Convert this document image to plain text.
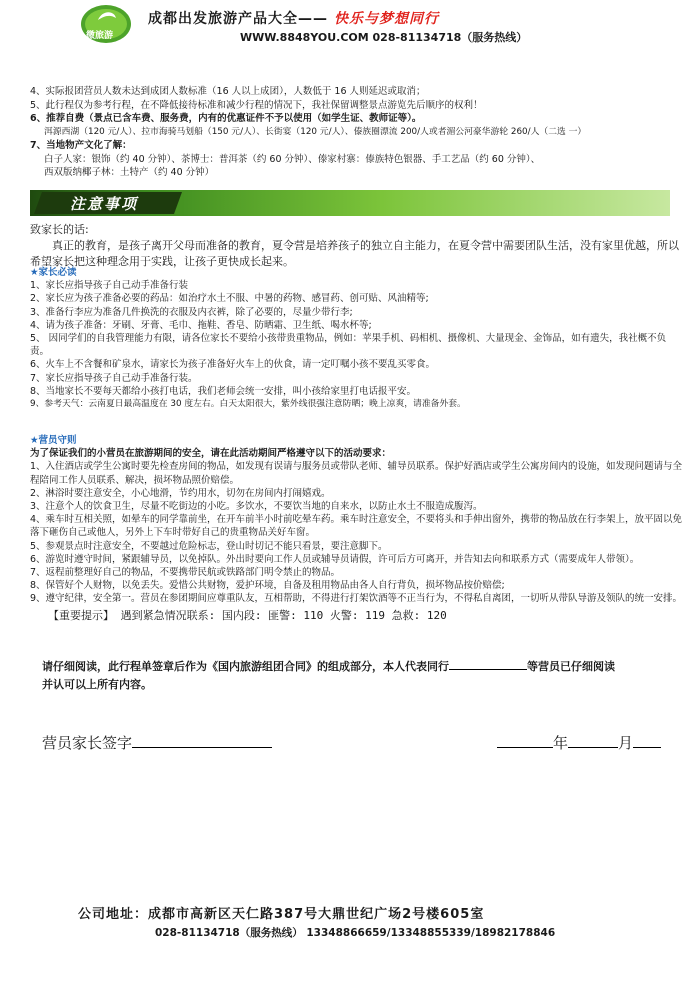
微旅游
成都出发旅游产品大全—— 快乐与梦想同行
WWW.8848YOU.COM 028-81134718（服务热线）

4、实际报团营员人数未达到成团人数标准（16 人以上成团），人数低于 16 人则延迟或取消；

5、此行程仅为参考行程，在不降低接待标准和减少行程的情况下，我社保留调整景点游览先后顺序的权利！

6、推荐自费（景点已含车费、服务费，内有的优惠证件不予以使用（如学生证、教师证等）。

洱源西湖（120 元/人）、拉市海骑马划船（150 元/人）、长街宴（120 元/人）、傣族圈漂流 200/人或者湄公河豪华游轮 260/人（二选 一）

7、当地物产文化了解：

白子人家：银饰（约 40 分钟）、茶博士：普洱茶（约 60 分钟）、傣家村寨：傣族特色银器、手工艺品（约 60 分钟）、

西双版纳椰子林：土特产（约 40 分钟）

注意事项

致家长的话:

真正的教育，是孩子离开父母而准备的教育，夏令营是培养孩子的独立自主能力，在夏令营中需要团队生活，没有家里优越，所以希望家长把这种理念用于实践，让孩子更快成长起来。

★家长必读

1、家长应指导孩子自己动手准备行装

2、家长应为孩子准备必要的药品：如治疗水土不服、中暑的药物、感冒药、创可贴、风油精等;

3、准备行李应为准备几件换洗的衣服及内衣裤，除了必要的，尽量少带行李;

4、请为孩子准备：牙刷、牙膏、毛巾、拖鞋、香皂、防晒霜、卫生纸、喝水杯等;

5、 因同学们的自我管理能力有限，请各位家长不要给小孩带贵重物品，例如：苹果手机、码相机、摄像机、大量现金、金饰品，如有遗失，我社概不负责。

6、火车上不含餐和矿泉水，请家长为孩子准备好火车上的伙食，请一定叮嘱小孩不要乱买零食。

7、家长应指导孩子自己动手准备行装。

8、当地家长不要每天都给小孩打电话，我们老师会统一安排，叫小孩给家里打电话报平安。

9、参考天气：云南夏日最高温度在 30 度左右。白天太阳很大，紫外线很强注意防晒；晚上凉爽，请准备外套。

★营员守则

为了保证我们的小营员在旅游期间的安全，请在此活动期间严格遵守以下的活动要求：

1、入住酒店或学生公寓时要先检查房间的物品，如发现有误请与服务员或带队老师、辅导员联系。保护好酒店或学生公寓房间内的设施，如发现问题请与全程陪同工作人员联系、解决，损坏物品照价赔偿。

2、淋浴时要注意安全，小心地滑，节约用水，切勿在房间内打闹嬉戏。

3、注意个人的饮食卫生，尽量不吃街边的小吃。多饮水，不要饮当地的自来水，以防止水土不服造成腹泻。

4、乘车时互相关照，如晕车的同学靠前坐，在开车前半小时前吃晕车药。乘车时注意安全，不要将头和手伸出窗外，携带的物品放在行李架上，放平固以免落下砸伤自己或他人，另外上下车时带好自己的贵重物品关好车窗。

5、参观景点时注意安全，不要越过危险标志，登山时切记不能只看景，要注意脚下。

6、游览时遵守时间，紧跟辅导员，以免掉队。外出时要向工作人员或辅导员请假，许可后方可离开，并告知去向和联系方式（需要成年人带领）。

7、返程前整理好自己的物品，不要携带民航或铁路部门明令禁止的物品。

8、保管好个人财物，以免丢失。爱惜公共财物，爱护环境，自备及租用物品由各人自行背负，损坏物品按价赔偿;

9、遵守纪律，安全第一。营员在参团期间应尊重队友，互相帮助，不得进行打架饮酒等不正当行为，不得私自离团，一切听从带队导游及领队的统一安排。

【重要提示】 遇到紧急情况联系: 国内段: 匪警: 110 火警: 119 急救: 120

请仔细阅读，此行程单签章后作为《国内旅游组团合同》的组成部分，本人代表同行	等营员已仔细阅读

并认可以上所有内容。

营员家长签字	年	月
公司地址：成都市高新区天仁路387号大鼎世纪广场2号楼605室
028-81134718（服务热线） 13348866659/13348855339/18982178846
